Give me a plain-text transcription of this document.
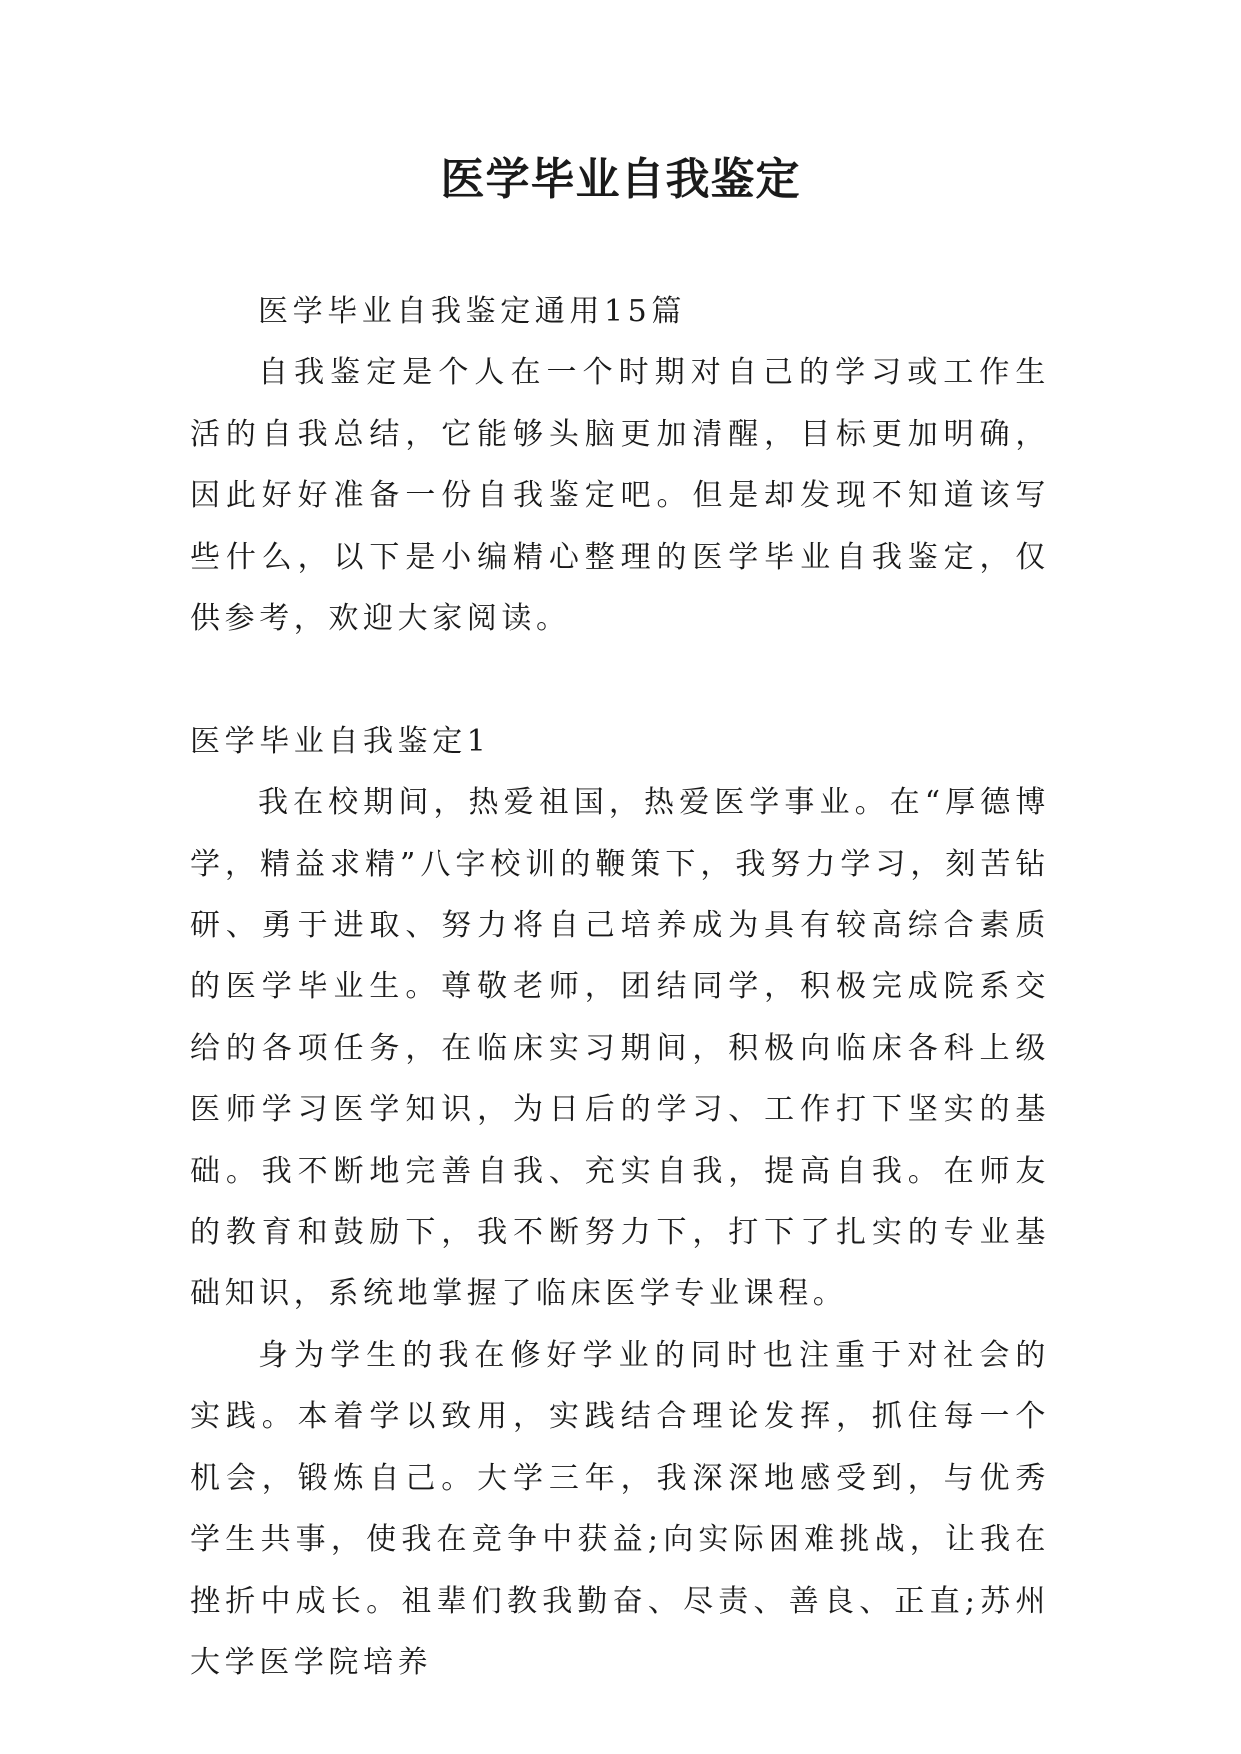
医学毕业自我鉴定

医学毕业自我鉴定通用15篇

自我鉴定是个人在一个时期对自己的学习或工作生活的自我总结，它能够头脑更加清醒，目标更加明确，因此好好准备一份自我鉴定吧。但是却发现不知道该写些什么，以下是小编精心整理的医学毕业自我鉴定，仅供参考，欢迎大家阅读。

医学毕业自我鉴定1

我在校期间，热爱祖国，热爱医学事业。在“厚德博学，精益求精”八字校训的鞭策下，我努力学习，刻苦钻研、勇于进取、努力将自己培养成为具有较高综合素质的医学毕业生。尊敬老师，团结同学，积极完成院系交给的各项任务，在临床实习期间，积极向临床各科上级医师学习医学知识，为日后的学习、工作打下坚实的基础。我不断地完善自我、充实自我，提高自我。在师友的教育和鼓励下，我不断努力下，打下了扎实的专业基础知识，系统地掌握了临床医学专业课程。

身为学生的我在修好学业的同时也注重于对社会的实践。本着学以致用，实践结合理论发挥，抓住每一个机会，锻炼自己。大学三年，我深深地感受到，与优秀学生共事，使我在竞争中获益;向实际困难挑战，让我在挫折中成长。祖辈们教我勤奋、尽责、善良、正直;苏州大学医学院培养
